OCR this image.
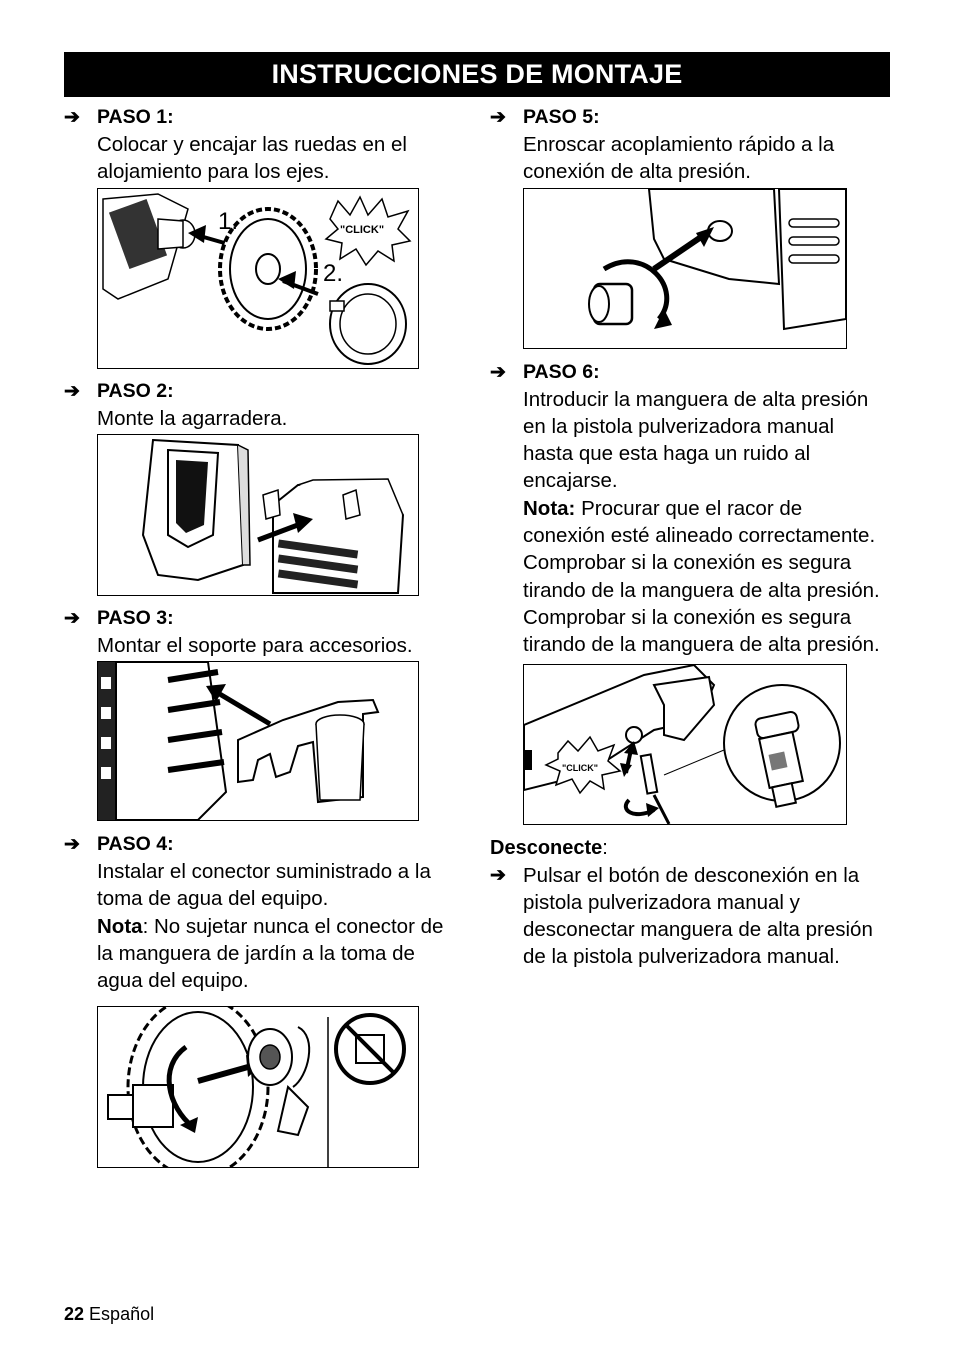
INSTRUCCIONES DE MONTAJE
➔ PASO 1:
Colocar y encajar las ruedas en el alojamiento para los ejes.
1.
2.
"CLICK"
➔ PASO 2:
Monte la agarradera.
➔ PASO 3:
Montar el soporte para accesorios.
➔ PASO 4:
Instalar el conector suministrado a la toma de agua del equipo.
Nota: No sujetar nunca el conector de la manguera de jardín a la toma de agua del equipo.
➔ PASO 5:
Enroscar acoplamiento rápido a la conexión de alta presión.
➔ PASO 6:
Introducir la manguera de alta presión en la pistola pulverizadora manual hasta que esta haga un ruido al encajarse.
Nota: Procurar que el racor de conexión esté alineado correctamente.
Comprobar si la conexión es segura tirando de la manguera de alta presión.
Comprobar si la conexión es segura tirando de la manguera de alta presión.
"CLICK"
Desconecte:
➔ Pulsar el botón de desconexión en la pistola pulverizadora manual y desconectar manguera de alta presión de la pistola pulverizadora manual.
22 Español
